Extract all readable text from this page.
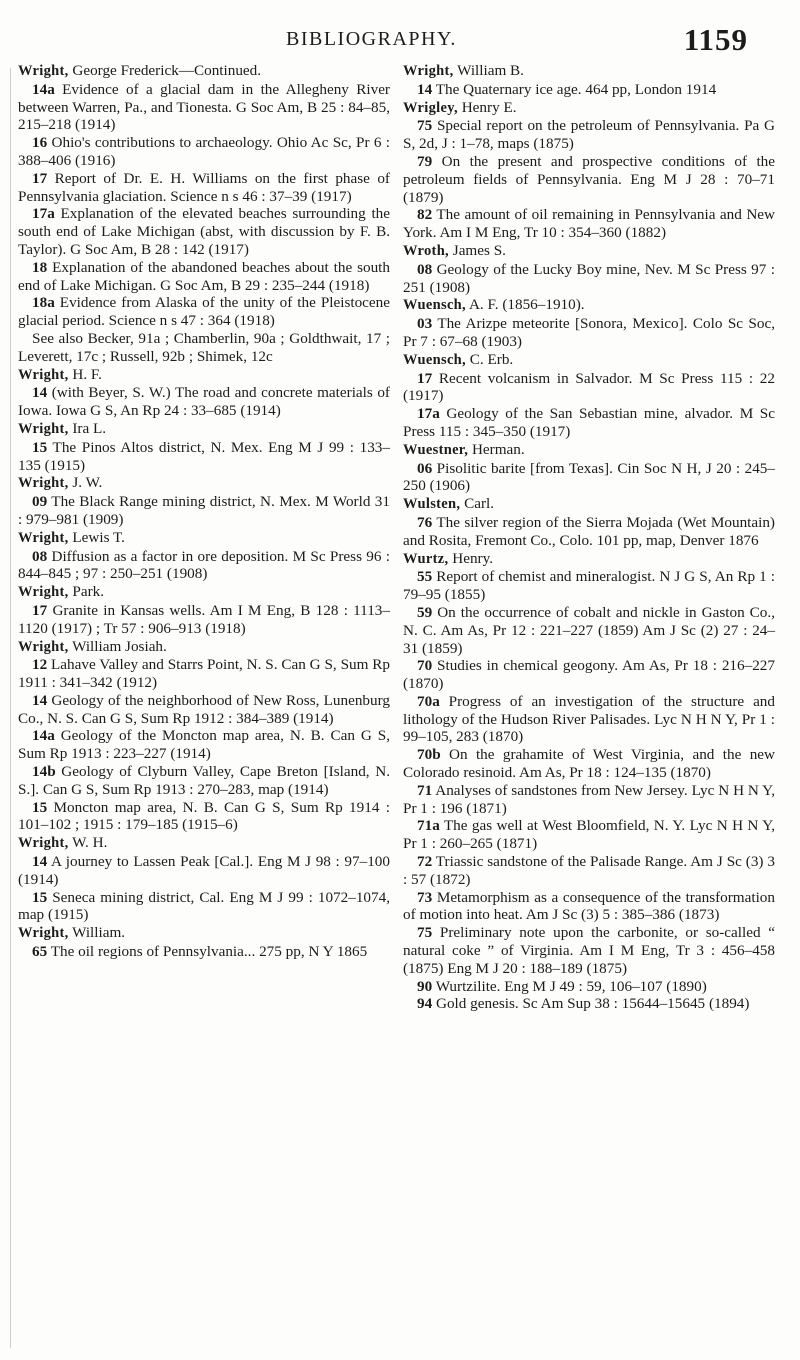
BIBLIOGRAPHY.	1159
Wright, George Frederick—Continued.
14a Evidence of a glacial dam in the Allegheny River between Warren, Pa., and Tionesta. G Soc Am, B 25 : 84–85, 215–218 (1914)
16 Ohio's contributions to archaeology. Ohio Ac Sc, Pr 6 : 388–406 (1916)
17 Report of Dr. E. H. Williams on the first phase of Pennsylvania glaciation. Science n s 46 : 37–39 (1917)
17a Explanation of the elevated beaches surrounding the south end of Lake Michigan (abst, with discussion by F. B. Taylor). G Soc Am, B 28 : 142 (1917)
18 Explanation of the abandoned beaches about the south end of Lake Michigan. G Soc Am, B 29 : 235–244 (1918)
18a Evidence from Alaska of the unity of the Pleistocene glacial period. Science n s 47 : 364 (1918)
See also Becker, 91a ; Chamberlin, 90a ; Goldthwait, 17 ; Leverett, 17c ; Russell, 92b ; Shimek, 12c
Wright, H. F.
14 (with Beyer, S. W.) The road and concrete materials of Iowa. Iowa G S, An Rp 24 : 33–685 (1914)
Wright, Ira L.
15 The Pinos Altos district, N. Mex. Eng M J 99 : 133–135 (1915)
Wright, J. W.
09 The Black Range mining district, N. Mex. M World 31 : 979–981 (1909)
Wright, Lewis T.
08 Diffusion as a factor in ore deposition. M Sc Press 96 : 844–845 ; 97 : 250–251 (1908)
Wright, Park.
17 Granite in Kansas wells. Am I M Eng, B 128 : 1113–1120 (1917) ; Tr 57 : 906–913 (1918)
Wright, William Josiah.
12 Lahave Valley and Starrs Point, N. S. Can G S, Sum Rp 1911 : 341–342 (1912)
14 Geology of the neighborhood of New Ross, Lunenburg Co., N. S. Can G S, Sum Rp 1912 : 384–389 (1914)
14a Geology of the Moncton map area, N. B. Can G S, Sum Rp 1913 : 223–227 (1914)
14b Geology of Clyburn Valley, Cape Breton [Island, N. S.]. Can G S, Sum Rp 1913 : 270–283, map (1914)
15 Moncton map area, N. B. Can G S, Sum Rp 1914 : 101–102 ; 1915 : 179–185 (1915–6)
Wright, W. H.
14 A journey to Lassen Peak [Cal.]. Eng M J 98 : 97–100 (1914)
15 Seneca mining district, Cal. Eng M J 99 : 1072–1074, map (1915)
Wright, William.
65 The oil regions of Pennsylvania... 275 pp, N Y 1865
Wright, William B.
14 The Quaternary ice age. 464 pp, London 1914
Wrigley, Henry E.
75 Special report on the petroleum of Pennsylvania. Pa G S, 2d, J : 1–78, maps (1875)
79 On the present and prospective conditions of the petroleum fields of Pennsylvania. Eng M J 28 : 70–71 (1879)
82 The amount of oil remaining in Pennsylvania and New York. Am I M Eng, Tr 10 : 354–360 (1882)
Wroth, James S.
08 Geology of the Lucky Boy mine, Nev. M Sc Press 97 : 251 (1908)
Wuensch, A. F. (1856–1910).
03 The Arizpe meteorite [Sonora, Mexico]. Colo Sc Soc, Pr 7 : 67–68 (1903)
Wuensch, C. Erb.
17 Recent volcanism in Salvador. M Sc Press 115 : 22 (1917)
17a Geology of the San Sebastian mine, alvador. M Sc Press 115 : 345–350 (1917)
Wuestner, Herman.
06 Pisolitic barite [from Texas]. Cin Soc N H, J 20 : 245–250 (1906)
Wulsten, Carl.
76 The silver region of the Sierra Mojada (Wet Mountain) and Rosita, Fremont Co., Colo. 101 pp, map, Denver 1876
Wurtz, Henry.
55 Report of chemist and mineralogist. N J G S, An Rp 1 : 79–95 (1855)
59 On the occurrence of cobalt and nickle in Gaston Co., N. C. Am As, Pr 12 : 221–227 (1859) Am J Sc (2) 27 : 24–31 (1859)
70 Studies in chemical geogony. Am As, Pr 18 : 216–227 (1870)
70a Progress of an investigation of the structure and lithology of the Hudson River Palisades. Lyc N H N Y, Pr 1 : 99–105, 283 (1870)
70b On the grahamite of West Virginia, and the new Colorado resinoid. Am As, Pr 18 : 124–135 (1870)
71 Analyses of sandstones from New Jersey. Lyc N H N Y, Pr 1 : 196 (1871)
71a The gas well at West Bloomfield, N. Y. Lyc N H N Y, Pr 1 : 260–265 (1871)
72 Triassic sandstone of the Palisade Range. Am J Sc (3) 3 : 57 (1872)
73 Metamorphism as a consequence of the transformation of motion into heat. Am J Sc (3) 5 : 385–386 (1873)
75 Preliminary note upon the carbonite, or so-called “ natural coke ” of Virginia. Am I M Eng, Tr 3 : 456–458 (1875) Eng M J 20 : 188–189 (1875)
90 Wurtzilite. Eng M J 49 : 59, 106–107 (1890)
94 Gold genesis. Sc Am Sup 38 : 15644–15645 (1894)
